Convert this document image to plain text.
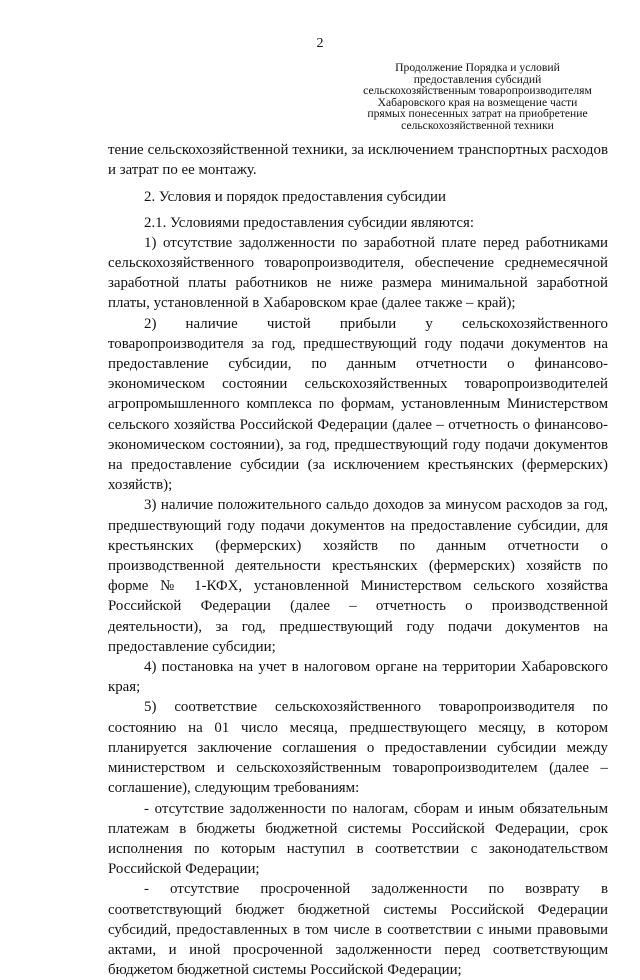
2
Продолжение Порядка и условий
предоставления субсидий
сельскохозяйственным товаропроизводителям
Хабаровского края на возмещение части
прямых понесенных затрат на приобретение
сельскохозяйственной техники

тение сельскохозяйственной техники, за исключением транспортных расходов и затрат по ее монтажу.

2. Условия и порядок предоставления субсидии

2.1. Условиями предоставления субсидии являются:

1) отсутствие задолженности по заработной плате перед работниками сельскохозяйственного товаропроизводителя, обеспечение среднемесячной заработной платы работников не ниже размера минимальной заработной платы, установленной в Хабаровском крае (далее также – край);

2) наличие чистой прибыли у сельскохозяйственного товаропроизводителя за год, предшествующий году подачи документов на предоставление субсидии, по данным отчетности о финансово-экономическом состоянии сельскохозяйственных товаропроизводителей агропромышленного комплекса по формам, установленным Министерством сельского хозяйства Российской Федерации (далее – отчетность о финансово-экономическом состоянии), за год, предшествующий году подачи документов на предоставление субсидии (за исключением крестьянских (фермерских) хозяйств);

3) наличие положительного сальдо доходов за минусом расходов за год, предшествующий году подачи документов на предоставление субсидии, для крестьянских (фермерских) хозяйств по данным отчетности о производственной деятельности крестьянских (фермерских) хозяйств по форме № 1-КФХ, установленной Министерством сельского хозяйства Российской Федерации (далее – отчетность о производственной деятельности), за год, предшествующий году подачи документов на предоставление субсидии;

4) постановка на учет в налоговом органе на территории Хабаровского края;

5) соответствие сельскохозяйственного товаропроизводителя по состоянию на 01 число месяца, предшествующего месяцу, в котором планируется заключение соглашения о предоставлении субсидии между министерством и сельскохозяйственным товаропроизводителем (далее – соглашение), следующим требованиям:

- отсутствие задолженности по налогам, сборам и иным обязательным платежам в бюджеты бюджетной системы Российской Федерации, срок исполнения по которым наступил в соответствии с законодательством Российской Федерации;

- отсутствие просроченной задолженности по возврату в соответствующий бюджет бюджетной системы Российской Федерации субсидий, предоставленных в том числе в соответствии с иными правовыми актами, и иной просроченной задолженности перед соответствующим бюджетом бюджетной системы Российской Федерации;
